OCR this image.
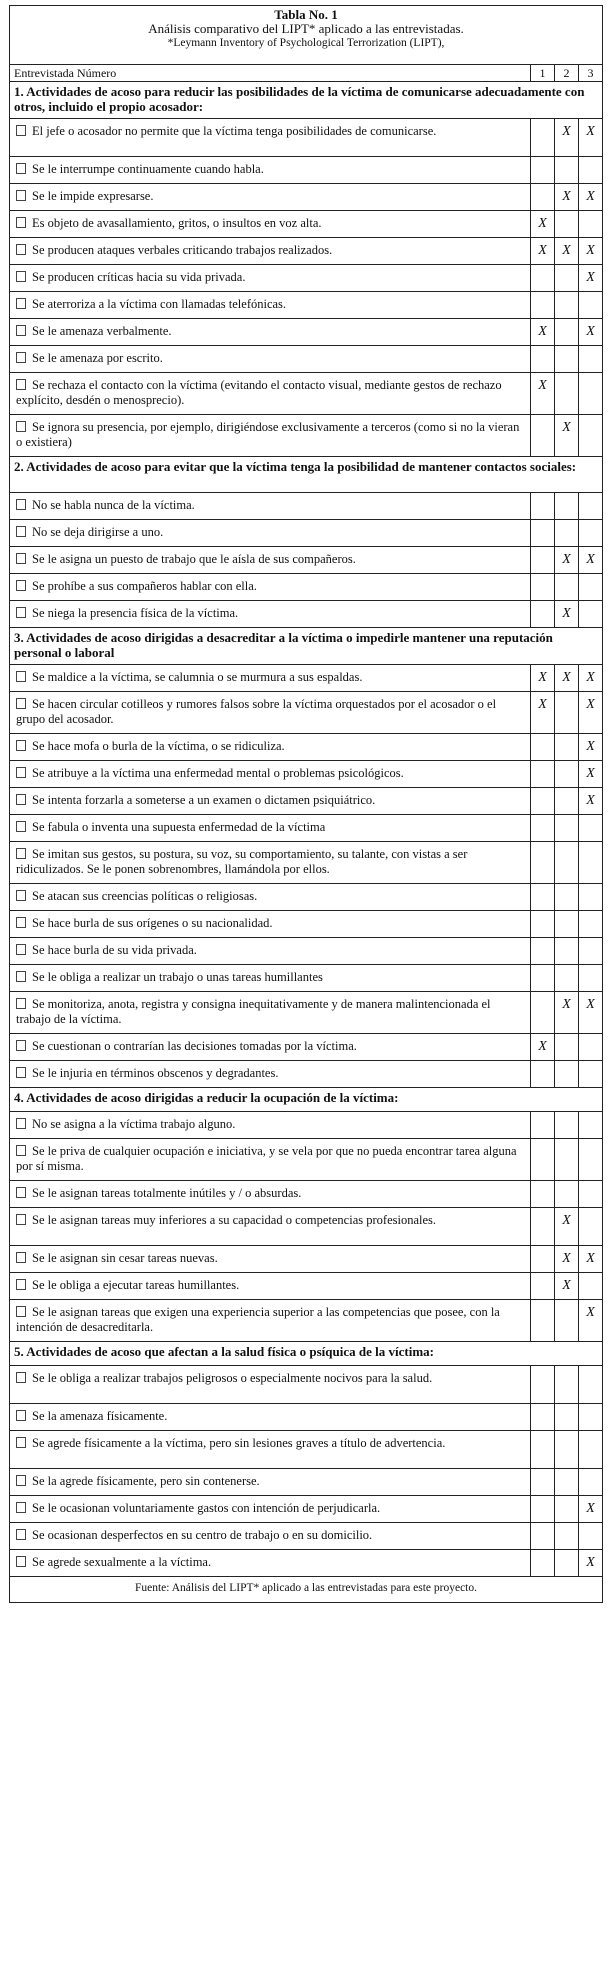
Tabla No. 1
Análisis comparativo del LIPT* aplicado a las entrevistadas.
*Leymann Inventory of Psychological Terrorization (LIPT),			

Entrevistada Número	1	2	3
1. Actividades de acoso para reducir las posibilidades de la víctima de comunicarse adecuadamente con otros, incluido el propio acosador:			
El jefe o acosador no permite que la víctima tenga posibilidades de comunicarse.		X	X
Se le interrumpe continuamente cuando habla.			
Se le impide expresarse.		X	X
Es objeto de avasallamiento, gritos, o insultos en voz alta.	X		
Se producen ataques verbales criticando trabajos realizados.	X	X	X
Se producen críticas hacia su vida privada.			X
Se aterroriza a la víctima con llamadas telefónicas.			
Se le amenaza verbalmente.	X		X
Se le amenaza por escrito.			
Se rechaza el contacto con la víctima (evitando el contacto visual, mediante gestos de rechazo explícito, desdén o menosprecio).	X		
Se ignora su presencia, por ejemplo, dirigiéndose exclusivamente a terceros (como si no la vieran o existiera)		X	
2. Actividades de acoso para evitar que la víctima tenga la posibilidad de mantener contactos sociales:			
No se habla nunca de la víctima.			
No se deja dirigirse a uno.			
Se le asigna un puesto de trabajo que le aísla de sus compañeros.		X	X
Se prohíbe a sus compañeros hablar con ella.			
Se niega la presencia física de la víctima.		X	
3. Actividades de acoso dirigidas a desacreditar a la víctima o impedirle mantener una reputación personal o laboral			
Se maldice a la víctima, se calumnia o se murmura a sus espaldas.	X	X	X
Se hacen circular cotilleos y rumores falsos sobre la víctima orquestados por el acosador o el grupo del acosador.	X		X
Se hace mofa o burla de la víctima, o se ridiculiza.			X
Se atribuye a la víctima una enfermedad mental o problemas psicológicos.			X
Se intenta forzarla a someterse a un examen o dictamen psiquiátrico.			X
Se fabula o inventa una supuesta enfermedad de la víctima			
Se imitan sus gestos, su postura, su voz, su comportamiento, su talante, con vistas a ser ridiculizados. Se le ponen sobrenombres, llamándola por ellos.			
Se atacan sus creencias políticas o religiosas.			
Se hace burla de sus orígenes o su nacionalidad.			
Se hace burla de su vida privada.			
Se le obliga a realizar un trabajo o unas tareas humillantes			
Se monitoriza, anota, registra y consigna inequitativamente y de manera malintencionada el trabajo de la víctima.		X	X
Se cuestionan o contrarían las decisiones tomadas por la víctima.	X		
Se le injuria en términos obscenos y degradantes.			
4. Actividades de acoso dirigidas a reducir la ocupación de la víctima:			
No se asigna a la víctima trabajo alguno.			
Se le priva de cualquier ocupación e iniciativa, y se vela por que no pueda encontrar tarea alguna por sí misma.			
Se le asignan tareas totalmente inútiles y / o absurdas.			
Se le asignan tareas muy inferiores a su capacidad o competencias profesionales.		X	
Se le asignan sin cesar tareas nuevas.		X	X
Se le obliga a ejecutar tareas humillantes.		X	
Se le asignan tareas que exigen una experiencia superior a las competencias que posee, con la intención de desacreditarla.			X
5. Actividades de acoso que afectan a la salud física o psíquica de la víctima:			
Se le obliga a realizar trabajos peligrosos o especialmente nocivos para la salud.			
Se la amenaza físicamente.			
Se agrede físicamente a la víctima, pero sin lesiones graves a título de advertencia.			
Se la agrede físicamente, pero sin contenerse.			
Se le ocasionan voluntariamente gastos con intención de perjudicarla.			X
Se ocasionan desperfectos en su centro de trabajo o en su domicilio.			
Se agrede sexualmente a la víctima.			X
Fuente: Análisis del LIPT* aplicado a las entrevistadas para este proyecto.
